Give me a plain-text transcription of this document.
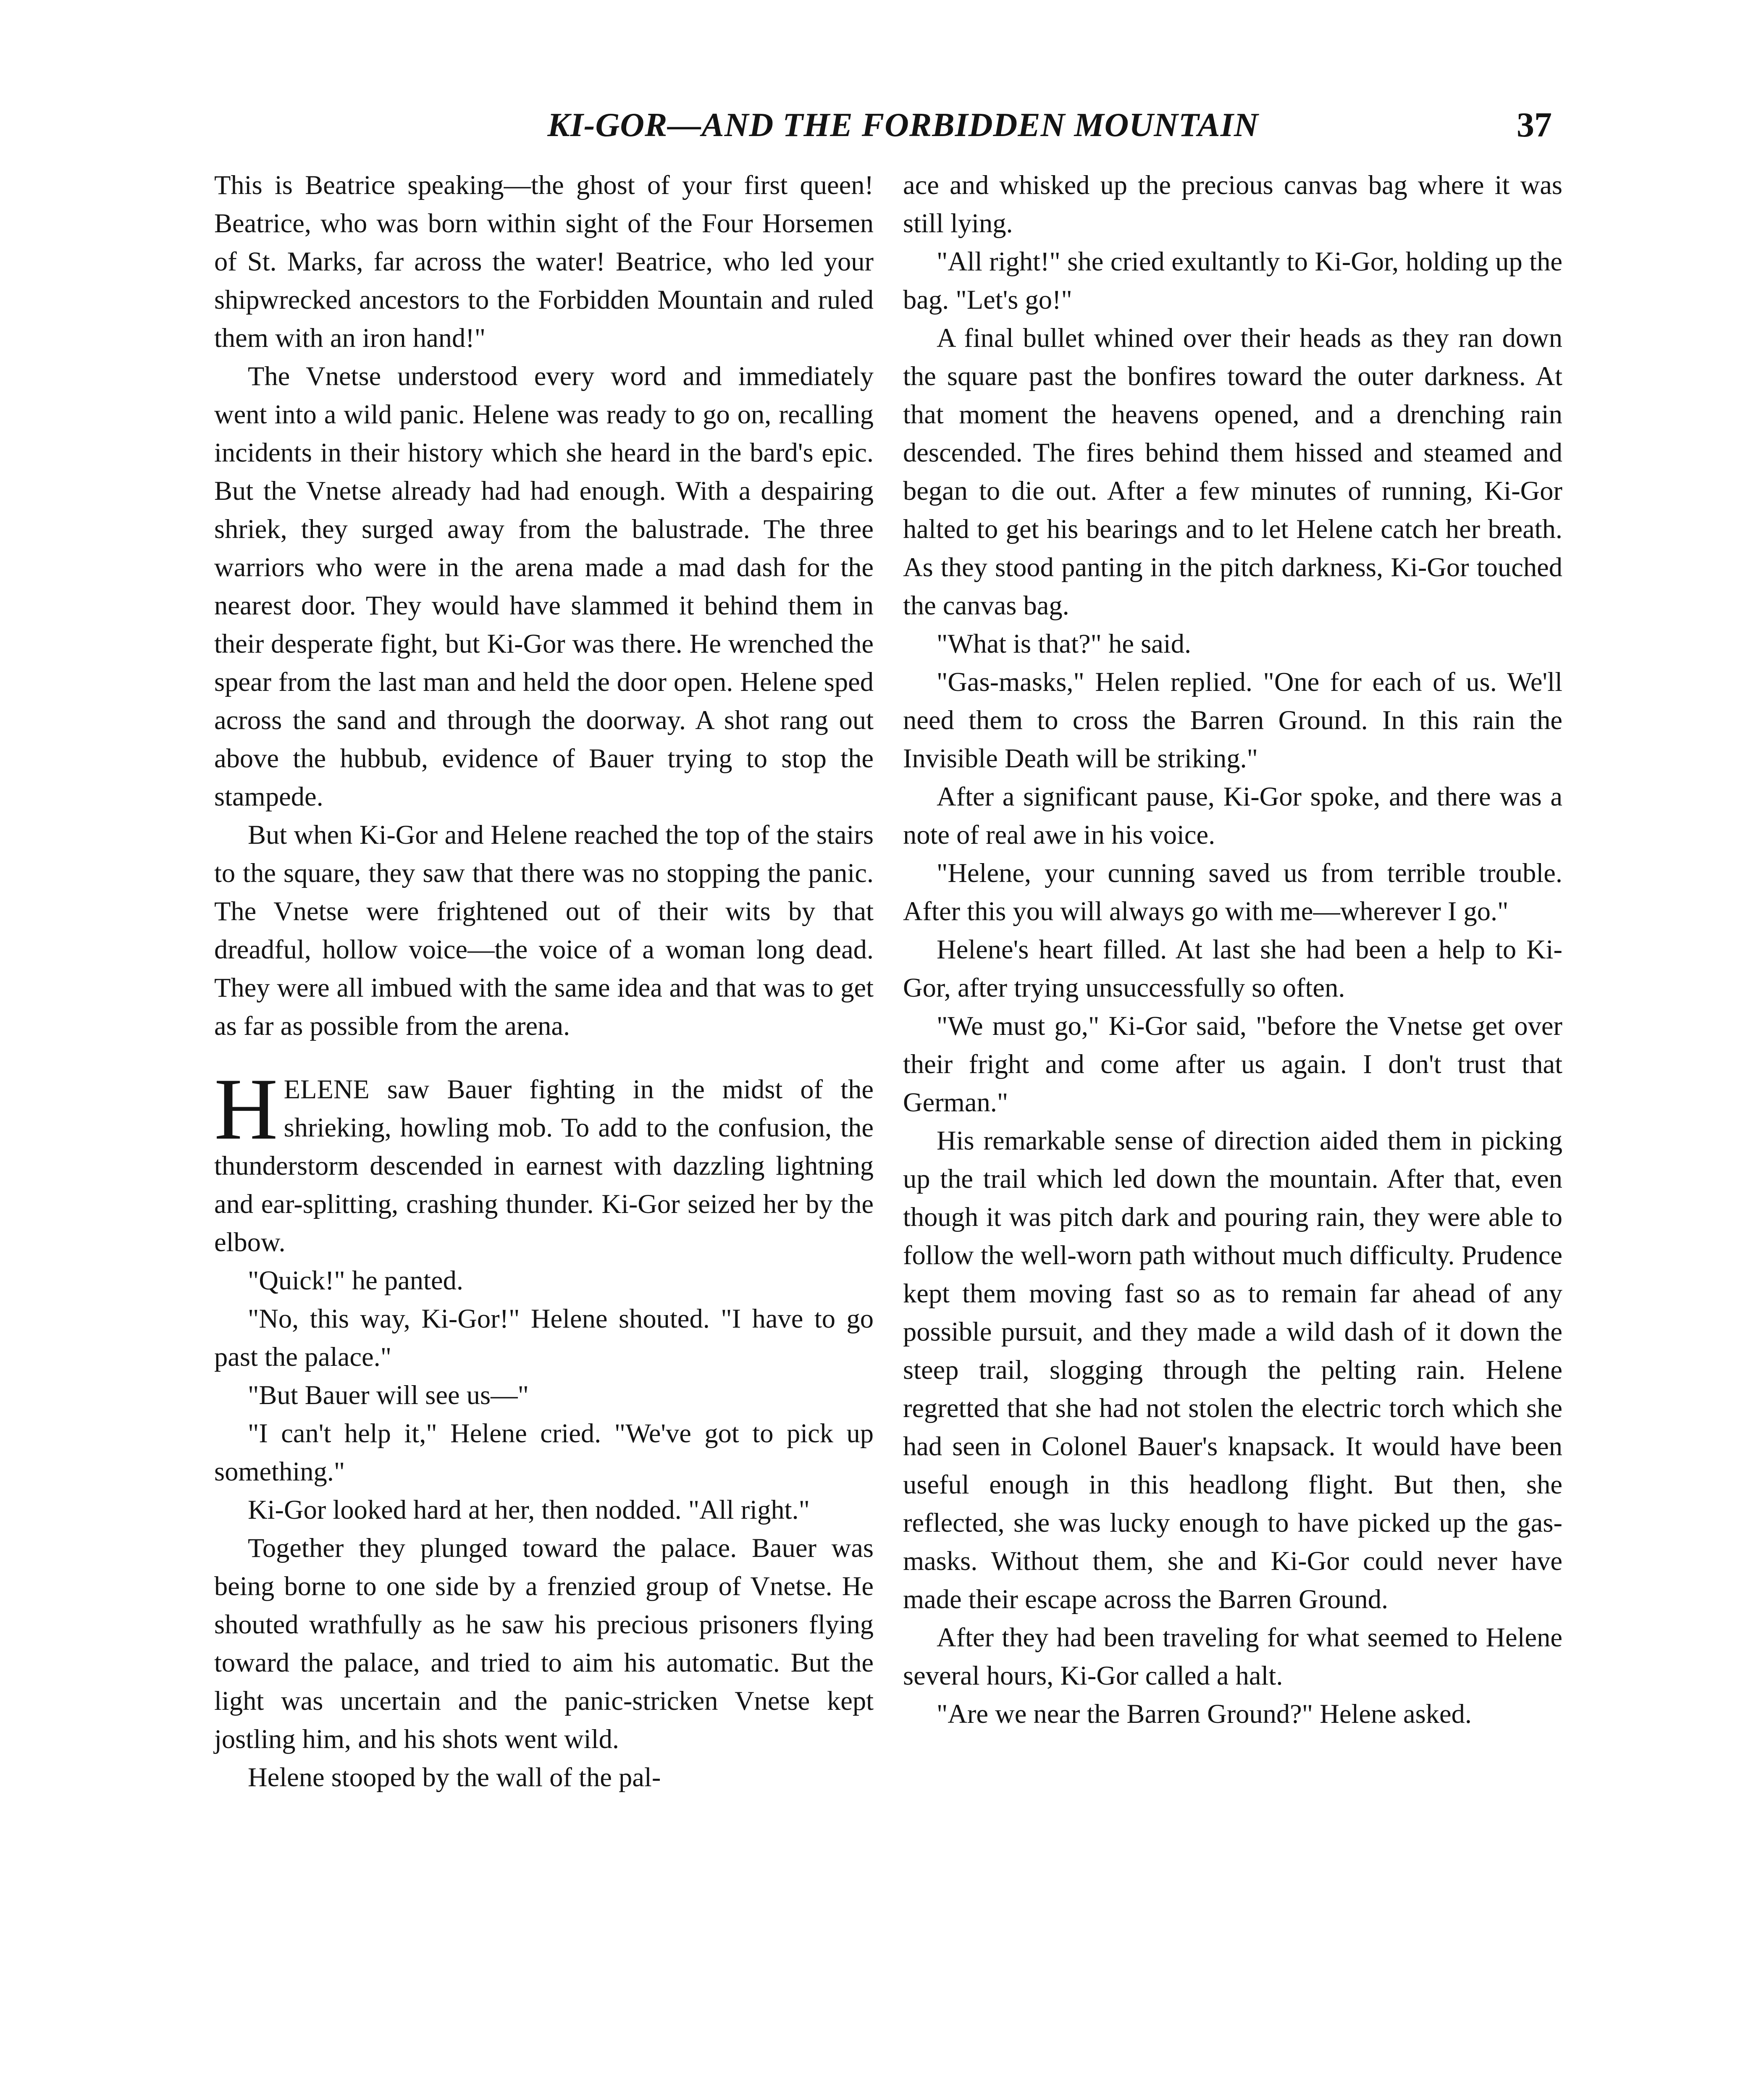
KI-GOR—AND THE FORBIDDEN MOUNTAIN	37

This is Beatrice speaking—the ghost of your first queen! Beatrice, who was born within sight of the Four Horsemen of St. Marks, far across the water! Beatrice, who led your shipwrecked ancestors to the Forbidden Mountain and ruled them with an iron hand!"

The Vnetse understood every word and immediately went into a wild panic. Helene was ready to go on, recalling incidents in their history which she heard in the bard's epic. But the Vnetse already had had enough. With a despairing shriek, they surged away from the balustrade. The three warriors who were in the arena made a mad dash for the nearest door. They would have slammed it behind them in their desperate fight, but Ki-Gor was there. He wrenched the spear from the last man and held the door open. Helene sped across the sand and through the doorway. A shot rang out above the hubbub, evidence of Bauer trying to stop the stampede.

But when Ki-Gor and Helene reached the top of the stairs to the square, they saw that there was no stopping the panic. The Vnetse were frightened out of their wits by that dreadful, hollow voice—the voice of a woman long dead. They were all imbued with the same idea and that was to get as far as possible from the arena.

HELENE saw Bauer fighting in the midst of the shrieking, howling mob. To add to the confusion, the thunderstorm descended in earnest with dazzling lightning and ear-splitting, crashing thunder. Ki-Gor seized her by the elbow.

"Quick!" he panted.

"No, this way, Ki-Gor!" Helene shouted. "I have to go past the palace."

"But Bauer will see us—"

"I can't help it," Helene cried. "We've got to pick up something."

Ki-Gor looked hard at her, then nodded. "All right."

Together they plunged toward the palace. Bauer was being borne to one side by a frenzied group of Vnetse. He shouted wrathfully as he saw his precious prisoners flying toward the palace, and tried to aim his automatic. But the light was uncertain and the panic-stricken Vnetse kept jostling him, and his shots went wild.

Helene stooped by the wall of the pal-

ace and whisked up the precious canvas bag where it was still lying.

"All right!" she cried exultantly to Ki-Gor, holding up the bag. "Let's go!"

A final bullet whined over their heads as they ran down the square past the bonfires toward the outer darkness. At that moment the heavens opened, and a drenching rain descended. The fires behind them hissed and steamed and began to die out. After a few minutes of running, Ki-Gor halted to get his bearings and to let Helene catch her breath. As they stood panting in the pitch darkness, Ki-Gor touched the canvas bag.

"What is that?" he said.

"Gas-masks," Helen replied. "One for each of us. We'll need them to cross the Barren Ground. In this rain the Invisible Death will be striking."

After a significant pause, Ki-Gor spoke, and there was a note of real awe in his voice.

"Helene, your cunning saved us from terrible trouble. After this you will always go with me—wherever I go."

Helene's heart filled. At last she had been a help to Ki-Gor, after trying unsuccessfully so often.

"We must go," Ki-Gor said, "before the Vnetse get over their fright and come after us again. I don't trust that German."

His remarkable sense of direction aided them in picking up the trail which led down the mountain. After that, even though it was pitch dark and pouring rain, they were able to follow the well-worn path without much difficulty. Prudence kept them moving fast so as to remain far ahead of any possible pursuit, and they made a wild dash of it down the steep trail, slogging through the pelting rain. Helene regretted that she had not stolen the electric torch which she had seen in Colonel Bauer's knapsack. It would have been useful enough in this headlong flight. But then, she reflected, she was lucky enough to have picked up the gas-masks. Without them, she and Ki-Gor could never have made their escape across the Barren Ground.

After they had been traveling for what seemed to Helene several hours, Ki-Gor called a halt.

"Are we near the Barren Ground?" Helene asked.
